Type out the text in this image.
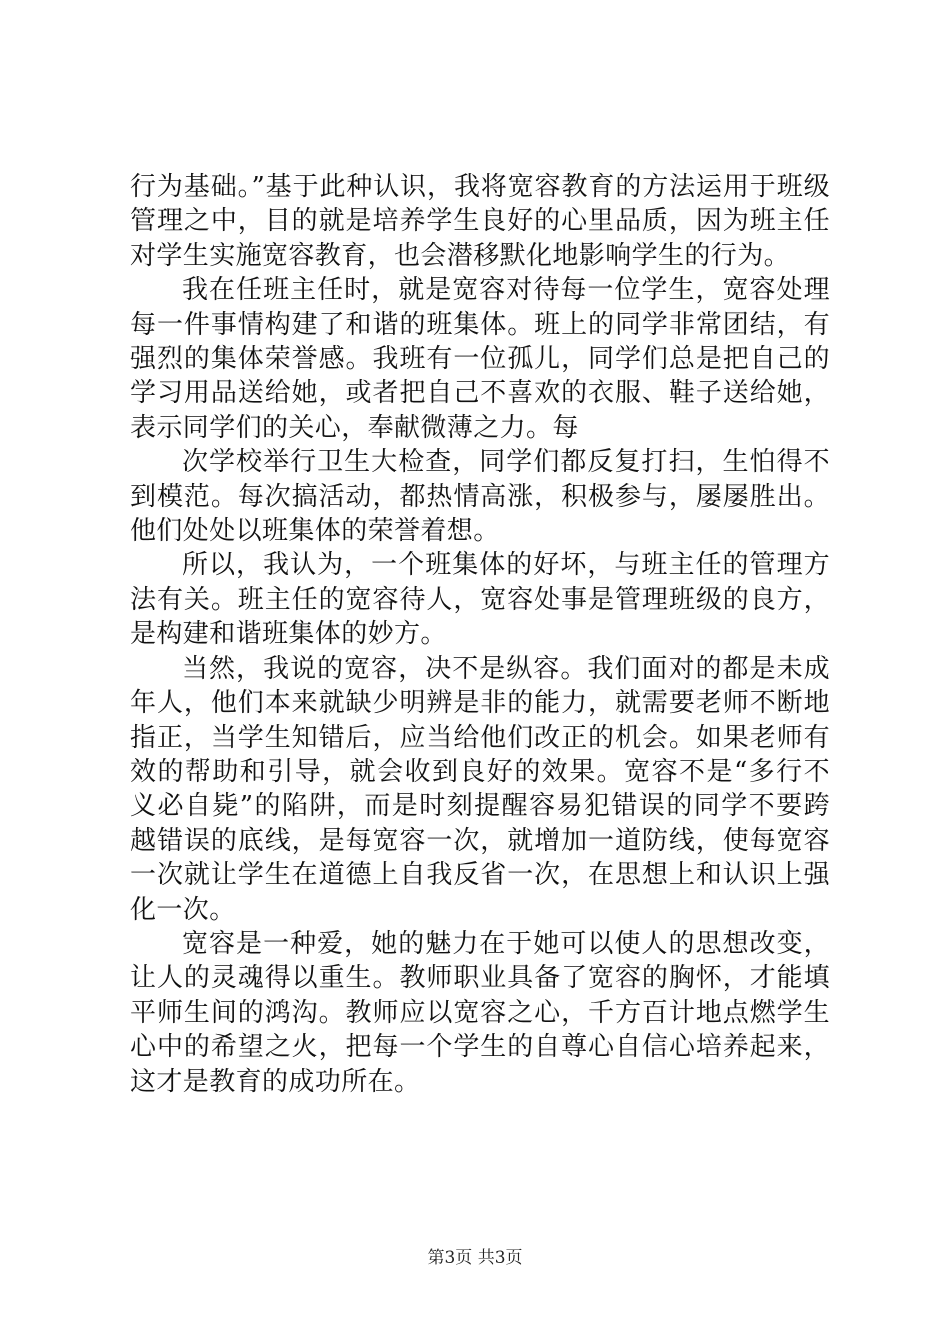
行为基础。”基于此种认识，我将宽容教育的方法运用于班级管理之中，目的就是培养学生良好的心里品质，因为班主任对学生实施宽容教育，也会潜移默化地影响学生的行为。

我在任班主任时，就是宽容对待每一位学生，宽容处理每一件事情构建了和谐的班集体。班上的同学非常团结，有强烈的集体荣誉感。我班有一位孤儿，同学们总是把自己的学习用品送给她，或者把自己不喜欢的衣服、鞋子送给她，表示同学们的关心，奉献微薄之力。每

次学校举行卫生大检查，同学们都反复打扫，生怕得不到模范。每次搞活动，都热情高涨，积极参与，屡屡胜出。他们处处以班集体的荣誉着想。

所以，我认为，一个班集体的好坏，与班主任的管理方法有关。班主任的宽容待人，宽容处事是管理班级的良方，是构建和谐班集体的妙方。

当然，我说的宽容，决不是纵容。我们面对的都是未成年人，他们本来就缺少明辨是非的能力，就需要老师不断地指正，当学生知错后，应当给他们改正的机会。如果老师有效的帮助和引导，就会收到良好的效果。宽容不是“多行不义必自毙”的陷阱，而是时刻提醒容易犯错误的同学不要跨越错误的底线，是每宽容一次，就增加一道防线，使每宽容一次就让学生在道德上自我反省一次，在思想上和认识上强化一次。

宽容是一种爱，她的魅力在于她可以使人的思想改变，让人的灵魂得以重生。教师职业具备了宽容的胸怀，才能填平师生间的鸿沟。教师应以宽容之心，千方百计地点燃学生心中的希望之火，把每一个学生的自尊心自信心培养起来，这才是教育的成功所在。

第3页 共3页
